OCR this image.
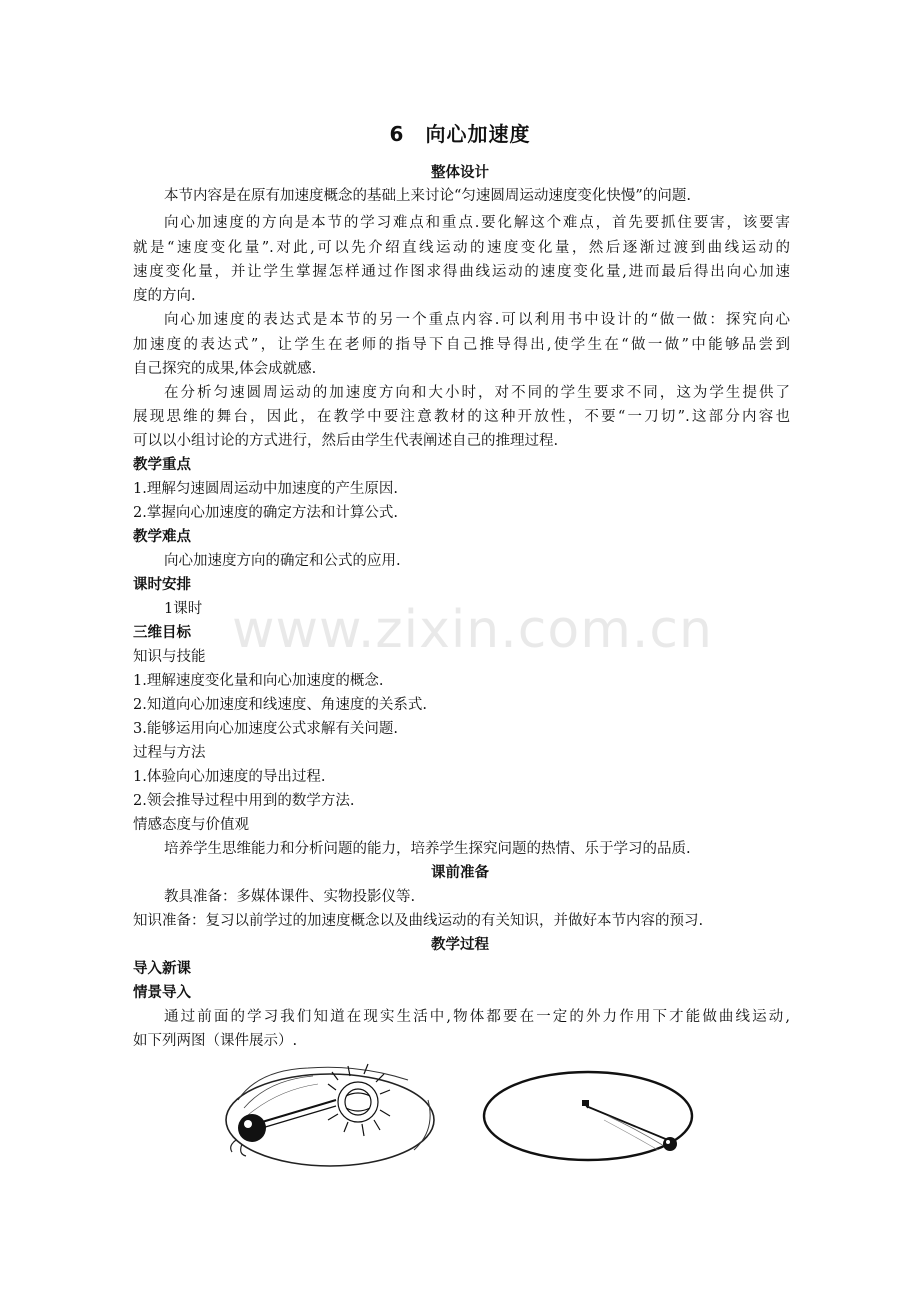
www.zixin.com.cn
6　向心加速度
整体设计
本节内容是在原有加速度概念的基础上来讨论“匀速圆周运动速度变化快慢”的问题.
向心加速度的方向是本节的学习难点和重点.要化解这个难点，首先要抓住要害，该要害
就是“速度变化量”.对此,可以先介绍直线运动的速度变化量，然后逐渐过渡到曲线运动的
速度变化量，并让学生掌握怎样通过作图求得曲线运动的速度变化量,进而最后得出向心加速
度的方向.
向心加速度的表达式是本节的另一个重点内容.可以利用书中设计的“做一做：探究向心
加速度的表达式”，让学生在老师的指导下自己推导得出,使学生在“做一做”中能够品尝到
自己探究的成果,体会成就感.
在分析匀速圆周运动的加速度方向和大小时，对不同的学生要求不同，这为学生提供了
展现思维的舞台，因此，在教学中要注意教材的这种开放性，不要“一刀切”.这部分内容也
可以以小组讨论的方式进行，然后由学生代表阐述自己的推理过程.
教学重点
1.理解匀速圆周运动中加速度的产生原因.
2.掌握向心加速度的确定方法和计算公式.
教学难点
向心加速度方向的确定和公式的应用.
课时安排
1课时
三维目标
知识与技能
1.理解速度变化量和向心加速度的概念.
2.知道向心加速度和线速度、角速度的关系式.
3.能够运用向心加速度公式求解有关问题.
过程与方法
1.体验向心加速度的导出过程.
2.领会推导过程中用到的数学方法.
情感态度与价值观
培养学生思维能力和分析问题的能力，培养学生探究问题的热情、乐于学习的品质.
课前准备
教具准备：多媒体课件、实物投影仪等.
知识准备：复习以前学过的加速度概念以及曲线运动的有关知识，并做好本节内容的预习.
教学过程
导入新课
情景导入
通过前面的学习我们知道在现实生活中,物体都要在一定的外力作用下才能做曲线运动,
如下列两图（课件展示）.
